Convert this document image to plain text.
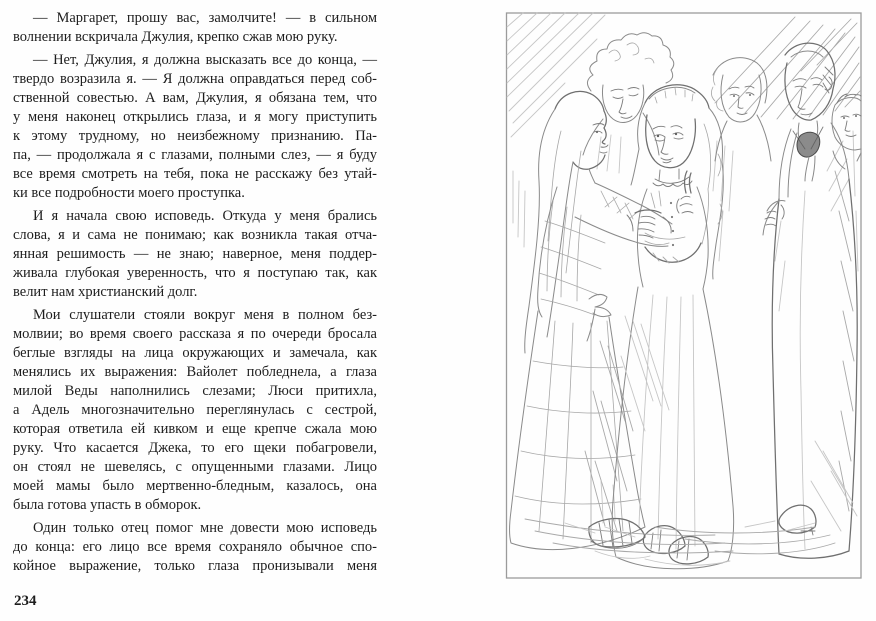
— Маргарет, прошу вас, замолчите! — в сильном
волнении вскричала Джулия, крепко сжав мою руку.
— Нет, Джулия, я должна высказать все до конца, —
твердо возразила я. — Я должна оправдаться перед соб-
ственной совестью. А вам, Джулия, я обязана тем, что
у меня наконец открылись глаза, и я могу приступить
к этому трудному, но неизбежному признанию. Па-
па, — продолжала я с глазами, полными слез, — я буду
все время смотреть на тебя, пока не расскажу без утай-
ки все подробности моего проступка.
И я начала свою исповедь. Откуда у меня брались
слова, я и сама не понимаю; как возникла такая отча-
янная решимость — не знаю; наверное, меня поддер-
живала глубокая уверенность, что я поступаю так, как
велит нам христианский долг.
Мои слушатели стояли вокруг меня в полном без-
молвии; во время своего рассказа я по очереди бросала
беглые взгляды на лица окружающих и замечала, как
менялись их выражения: Вайолет побледнела, а глаза
милой Веды наполнились слезами; Люси притихла,
а Адель многозначительно переглянулась с сестрой,
которая ответила ей кивком и еще крепче сжала мою
руку. Что касается Джека, то его щеки побагровели,
он стоял не шевелясь, с опущенными глазами. Лицо
моей мамы было мертвенно-бледным, казалось, она
была готова упасть в обморок.
Один только отец помог мне довести мою исповедь
до конца: его лицо все время сохраняло обычное спо-
койное выражение, только глаза пронизывали меня
234
